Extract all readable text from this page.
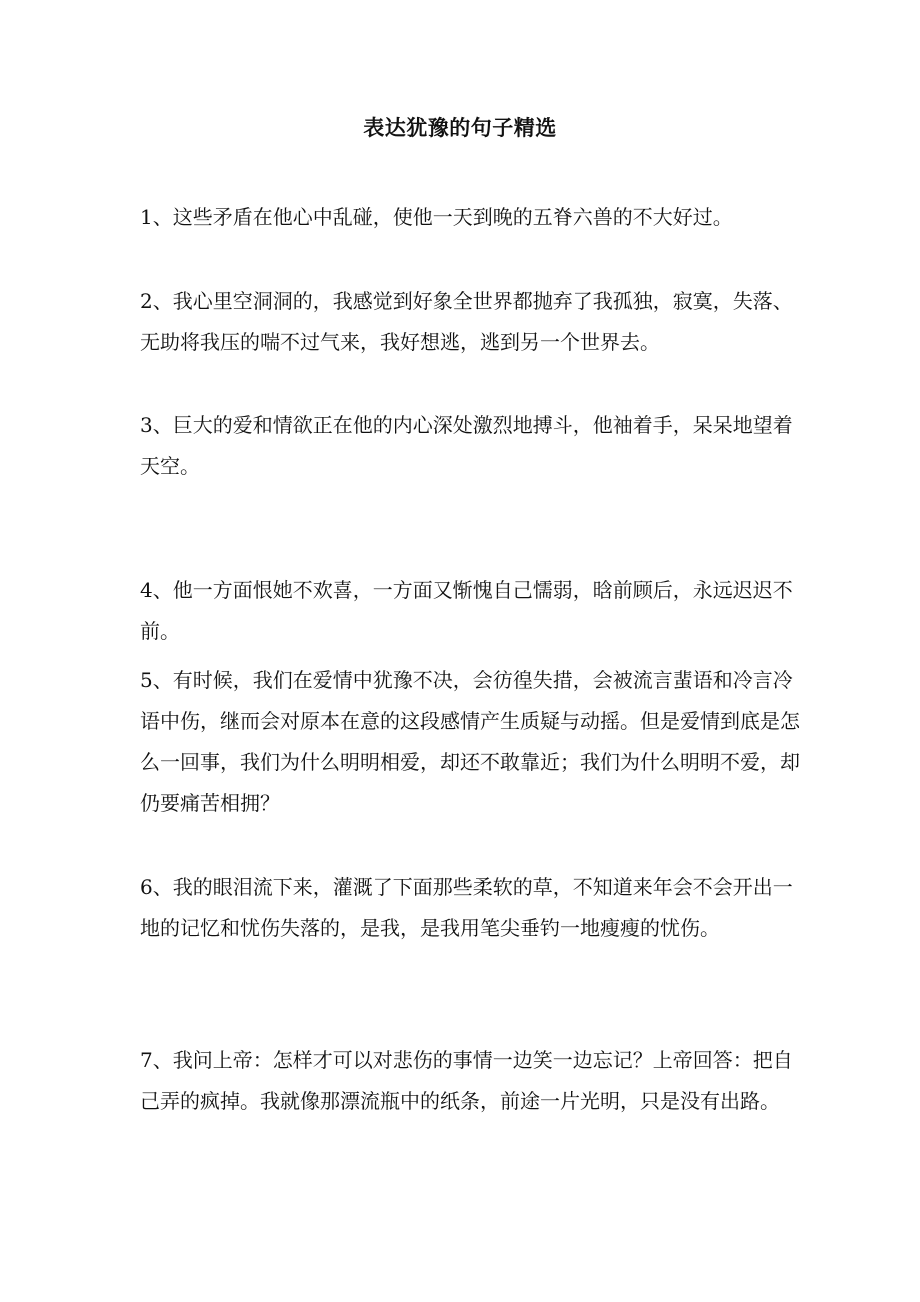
表达犹豫的句子精选

1、这些矛盾在他心中乱碰，使他一天到晚的五脊六兽的不大好过。

2、我心里空洞洞的，我感觉到好象全世界都抛弃了我孤独，寂寞，失落、无助将我压的喘不过气来，我好想逃，逃到另一个世界去。

3、巨大的爱和情欲正在他的内心深处激烈地搏斗，他袖着手，呆呆地望着天空。

4、他一方面恨她不欢喜，一方面又惭愧自己懦弱，晗前顾后，永远迟迟不前。

5、有时候，我们在爱情中犹豫不决，会彷徨失措，会被流言蜚语和冷言冷语中伤，继而会对原本在意的这段感情产生质疑与动摇。但是爱情到底是怎么一回事，我们为什么明明相爱，却还不敢靠近；我们为什么明明不爱，却仍要痛苦相拥？

6、我的眼泪流下来，灌溉了下面那些柔软的草，不知道来年会不会开出一地的记忆和忧伤失落的，是我，是我用笔尖垂钓一地瘦瘦的忧伤。

7、我问上帝：怎样才可以对悲伤的事情一边笑一边忘记？上帝回答：把自己弄的疯掉。我就像那漂流瓶中的纸条，前途一片光明，只是没有出路。
